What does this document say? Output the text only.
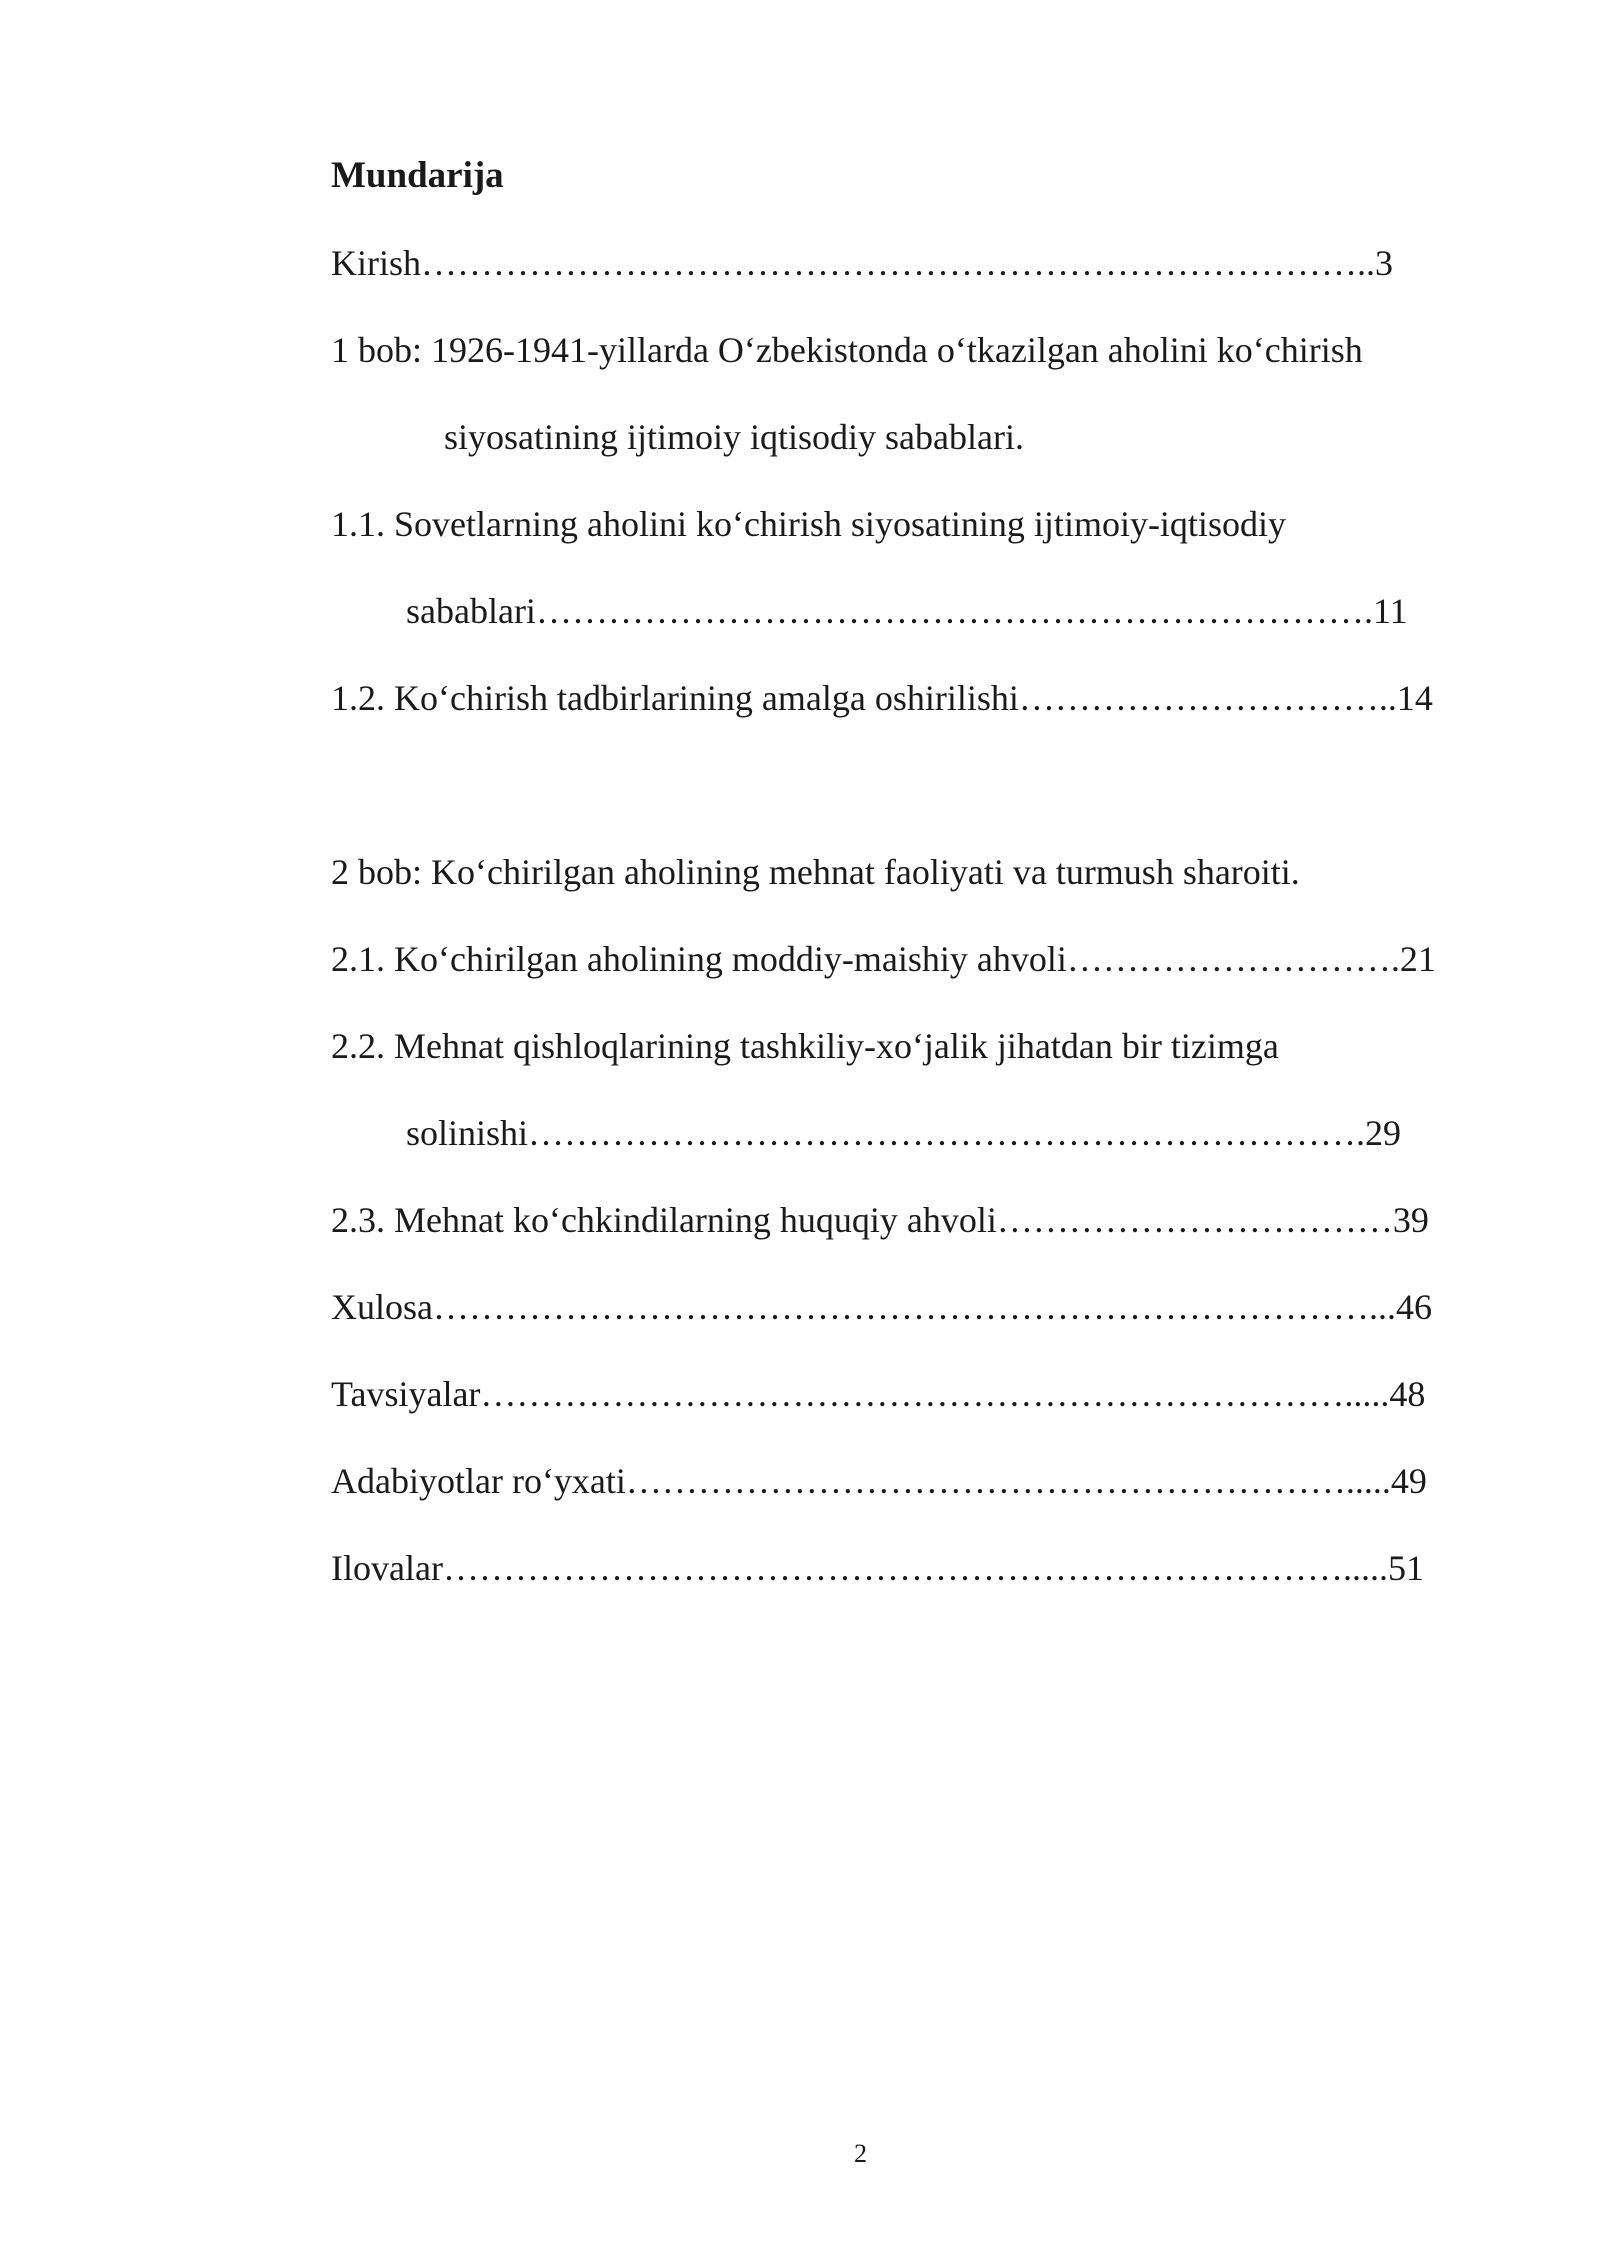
Mundarija
Kirish……………………………………………………………………..3
1 bob: 1926-1941-yillarda O‘zbekistonda o‘tkazilgan aholini ko‘chirish
siyosatining ijtimoiy iqtisodiy sabablari.
1.1. Sovetlarning aholini ko‘chirish siyosatining ijtimoiy-iqtisodiy
sabablari…………………………………………………………….11
1.2. Ko‘chirish tadbirlarining amalga oshirilishi…………………………..14
2 bob: Ko‘chirilgan aholining mehnat faoliyati va turmush sharoiti.
2.1. Ko‘chirilgan aholining moddiy-maishiy ahvoli……………………….21
2.2. Mehnat qishloqlarining tashkiliy-xo‘jalik jihatdan bir tizimga
solinishi…………………………………………………………….29
2.3. Mehnat ko‘chkindilarning huquqiy ahvoli……………………………39
Xulosa……………………………………………………………………...46
Tavsiyalar……………………………………………………………….....48
Adabiyotlar ro‘yxati…………………………………………………….....49
Ilovalar………………………………………………………………….....51
2
